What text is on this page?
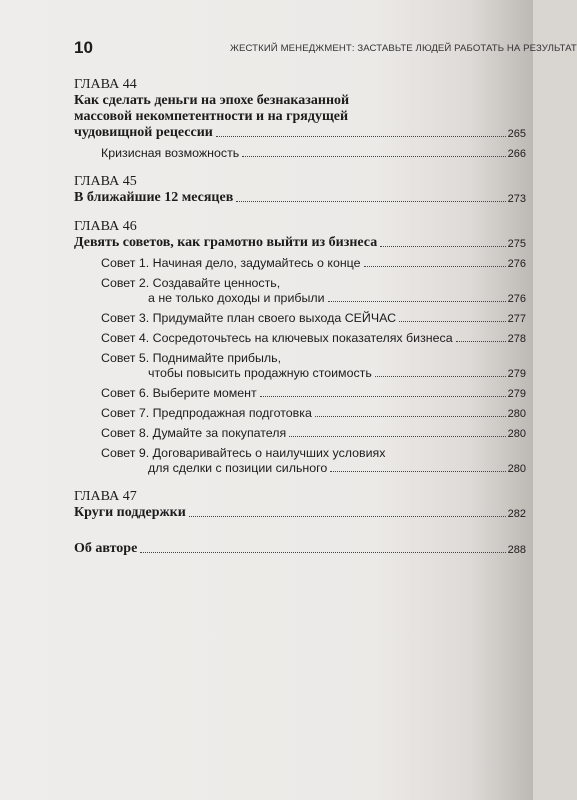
10	ЖЕСТКИЙ МЕНЕДЖМЕНТ: ЗАСТАВЬТЕ ЛЮДЕЙ РАБОТАТЬ НА РЕЗУЛЬТАТ
ГЛАВА 44
Как сделать деньги на эпохе безнаказанной
массовой некомпетентности и на грядущей
чудовищной рецессии	265
Кризисная возможность	266
ГЛАВА 45
В ближайшие 12 месяцев	273
ГЛАВА 46
Девять советов, как грамотно выйти из бизнеса	275
Совет 1. Начиная дело, задумайтесь о конце	276
Совет 2. Создавайте ценность,
а не только доходы и прибыли	276
Совет 3. Придумайте план своего выхода СЕЙЧАС	277
Совет 4. Сосредоточьтесь на ключевых показателях бизнеса	278
Совет 5. Поднимайте прибыль,
чтобы повысить продажную стоимость	279
Совет 6. Выберите момент	279
Совет 7. Предпродажная подготовка	280
Совет 8. Думайте за покупателя	280
Совет 9. Договаривайтесь о наилучших условиях
для сделки с позиции сильного	280
ГЛАВА 47
Круги поддержки	282
Об авторе	288
